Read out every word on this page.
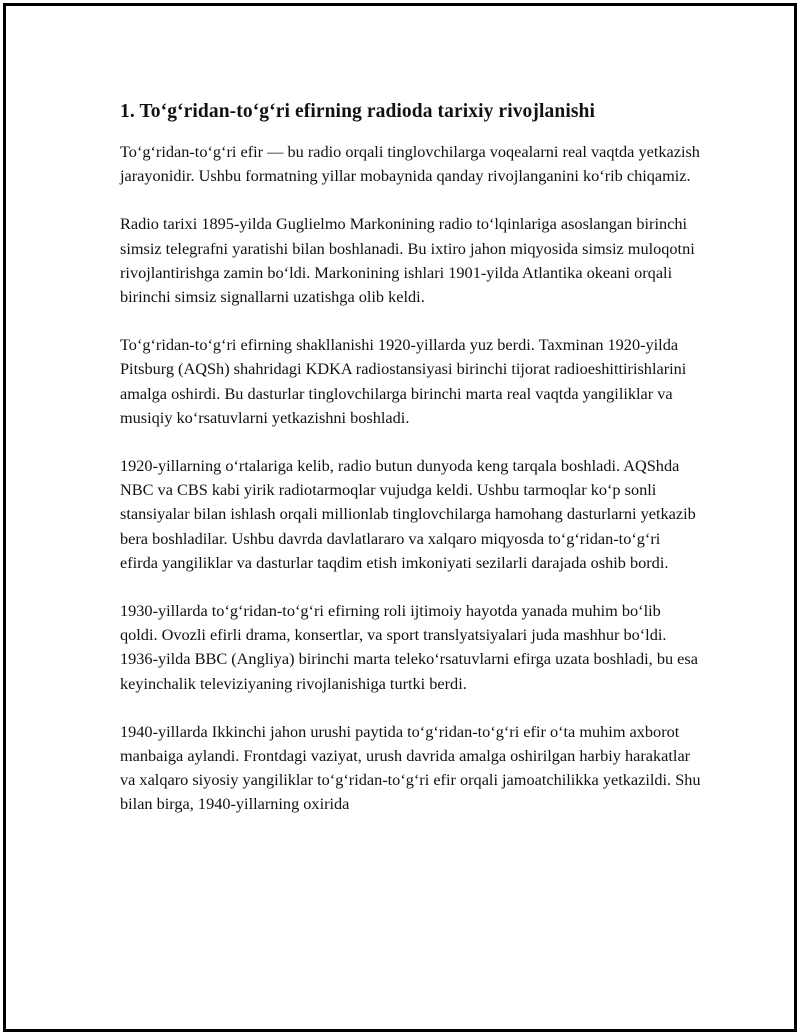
1. To‘g‘ridan-to‘g‘ri efirning radioda tarixiy rivojlanishi

To‘g‘ridan-to‘g‘ri efir — bu radio orqali tinglovchilarga voqealarni real vaqtda yetkazish jarayonidir. Ushbu formatning yillar mobaynida qanday rivojlanganini ko‘rib chiqamiz.

Radio tarixi 1895-yilda Guglielmo Markonining radio to‘lqinlariga asoslangan birinchi simsiz telegrafni yaratishi bilan boshlanadi. Bu ixtiro jahon miqyosida simsiz muloqotni rivojlantirishga zamin bo‘ldi. Markonining ishlari 1901-yilda Atlantika okeani orqali birinchi simsiz signallarni uzatishga olib keldi.

To‘g‘ridan-to‘g‘ri efirning shakllanishi 1920-yillarda yuz berdi. Taxminan 1920-yilda Pitsburg (AQSh) shahridagi KDKA radiostansiyasi birinchi tijorat radioeshittirishlarini amalga oshirdi. Bu dasturlar tinglovchilarga birinchi marta real vaqtda yangiliklar va musiqiy ko‘rsatuvlarni yetkazishni boshladi.

1920-yillarning o‘rtalariga kelib, radio butun dunyoda keng tarqala boshladi. AQShda NBC va CBS kabi yirik radiotarmoqlar vujudga keldi. Ushbu tarmoqlar ko‘p sonli stansiyalar bilan ishlash orqali millionlab tinglovchilarga hamohang dasturlarni yetkazib bera boshladilar. Ushbu davrda davlatlararo va xalqaro miqyosda to‘g‘ridan-to‘g‘ri efirda yangiliklar va dasturlar taqdim etish imkoniyati sezilarli darajada oshib bordi.

1930-yillarda to‘g‘ridan-to‘g‘ri efirning roli ijtimoiy hayotda yanada muhim bo‘lib qoldi. Ovozli efirli drama, konsertlar, va sport translyatsiyalari juda mashhur bo‘ldi. 1936-yilda BBC (Angliya) birinchi marta teleko‘rsatuvlarni efirga uzata boshladi, bu esa keyinchalik televiziyaning rivojlanishiga turtki berdi.

1940-yillarda Ikkinchi jahon urushi paytida to‘g‘ridan-to‘g‘ri efir o‘ta muhim axborot manbaiga aylandi. Frontdagi vaziyat, urush davrida amalga oshirilgan harbiy harakatlar va xalqaro siyosiy yangiliklar to‘g‘ridan-to‘g‘ri efir orqali jamoatchilikka yetkazildi. Shu bilan birga, 1940-yillarning oxirida
